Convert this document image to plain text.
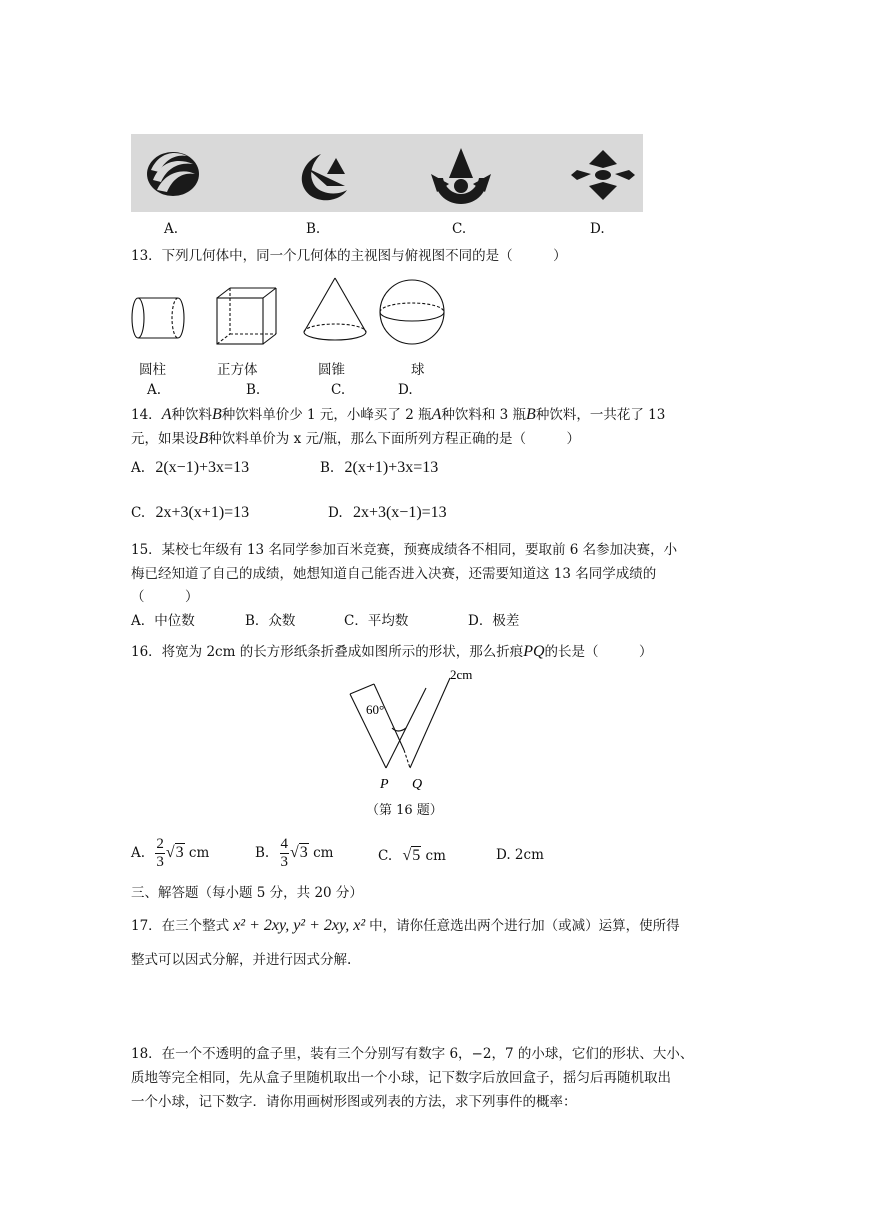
A.	B.	C.	D.
13．下列几何体中，同一个几何体的主视图与俯视图不同的是（　　　）
圆柱	正方体	圆锥	球
A.	B.	C.	D.
14．A种饮料B种饮料单价少 1 元，小峰买了 2 瓶A种饮料和 3 瓶B种饮料，一共花了 13
元，如果设B种饮料单价为 x 元/瓶，那么下面所列方程正确的是（　　　）
A. 2(x−1)+3x=13	B. 2(x+1)+3x=13
C. 2x+3(x+1)=13	D. 2x+3(x−1)=13
15．某校七年级有 13 名同学参加百米竞赛，预赛成绩各不相同，要取前 6 名参加决赛，小
梅已经知道了自己的成绩，她想知道自己能否进入决赛，还需要知道这 13 名同学成绩的
（　　　）
A．中位数	B．众数	C．平均数	D．极差
16．将宽为 2cm 的长方形纸条折叠成如图所示的形状，那么折痕PQ的长是（　　　）
2cm
60°
P Q
（第 16 题）
A. $\frac{2}{3} √3$ cm	B. $\frac{4}{3} √3$ cm	C. √5 cm	D. 2cm
三、解答题（每小题 5 分，共 20 分）
17．在三个整式 x² + 2xy, y² + 2xy, x² 中，请你任意选出两个进行加（或减）运算，使所得
整式可以因式分解，并进行因式分解.
18．在一个不透明的盒子里，装有三个分别写有数字 6，−2，7 的小球，它们的形状、大小、
质地等完全相同，先从盒子里随机取出一个小球，记下数字后放回盒子，摇匀后再随机取出
一个小球，记下数字．请你用画树形图或列表的方法，求下列事件的概率：
